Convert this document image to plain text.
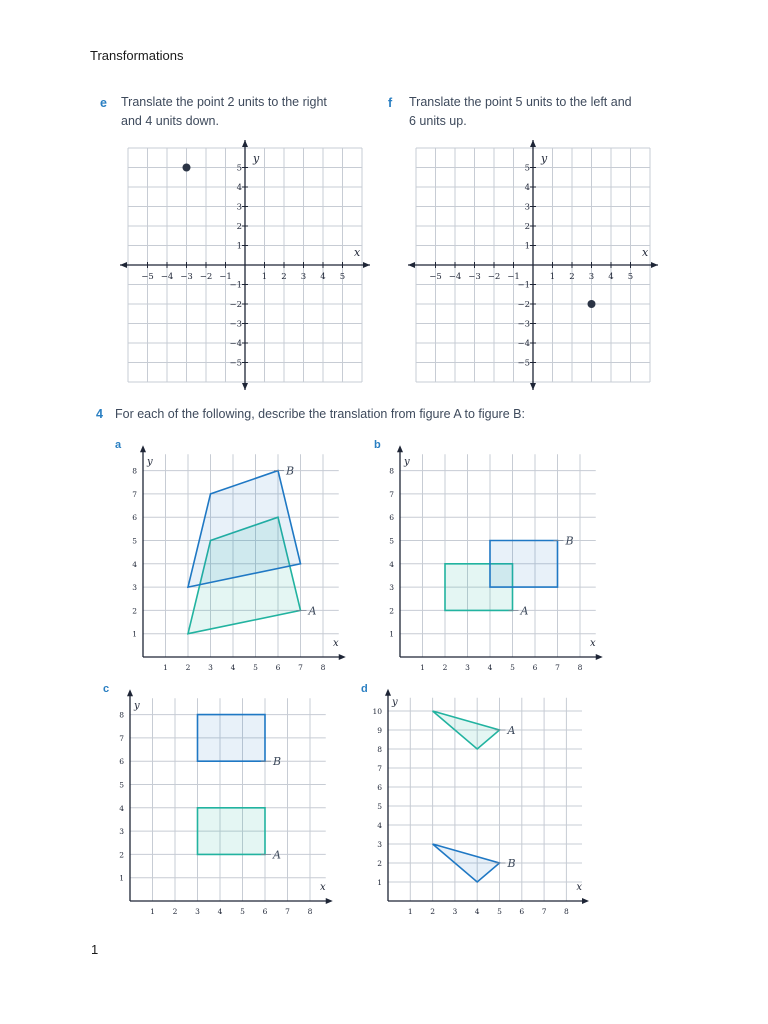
Transformations
e Translate the point 2 units to the right
and 4 units down.
f Translate the point 5 units to the left and
6 units up.
−5
−5
−4
−4
−3
−3
−2
−2
−1
−1
1
1
2
2
3
3
4
4
5
5
x
y
−5
−5
−4
−4
−3
−3
−2
−2
−1
−1
1
1
2
2
3
3
4
4
5
5
x
y
4 For each of the following, describe the translation from figure A to figure B:
a	b
c	d
1 2 3 4 5 6 7 8
1
2
3
4
5
6
7
8
x
y
A
B
1 2 3 4 5 6 7 8
1
2
3
4
5
6
7
8
x
y
A
B
1 2 3 4 5 6 7 8
1
2
3
4
5
6
7
8
x
y
A
B
1 2 3 4 5 6 7 8
1
2
3
4
5
6
7
8
9
10
x
y
A
B
1
